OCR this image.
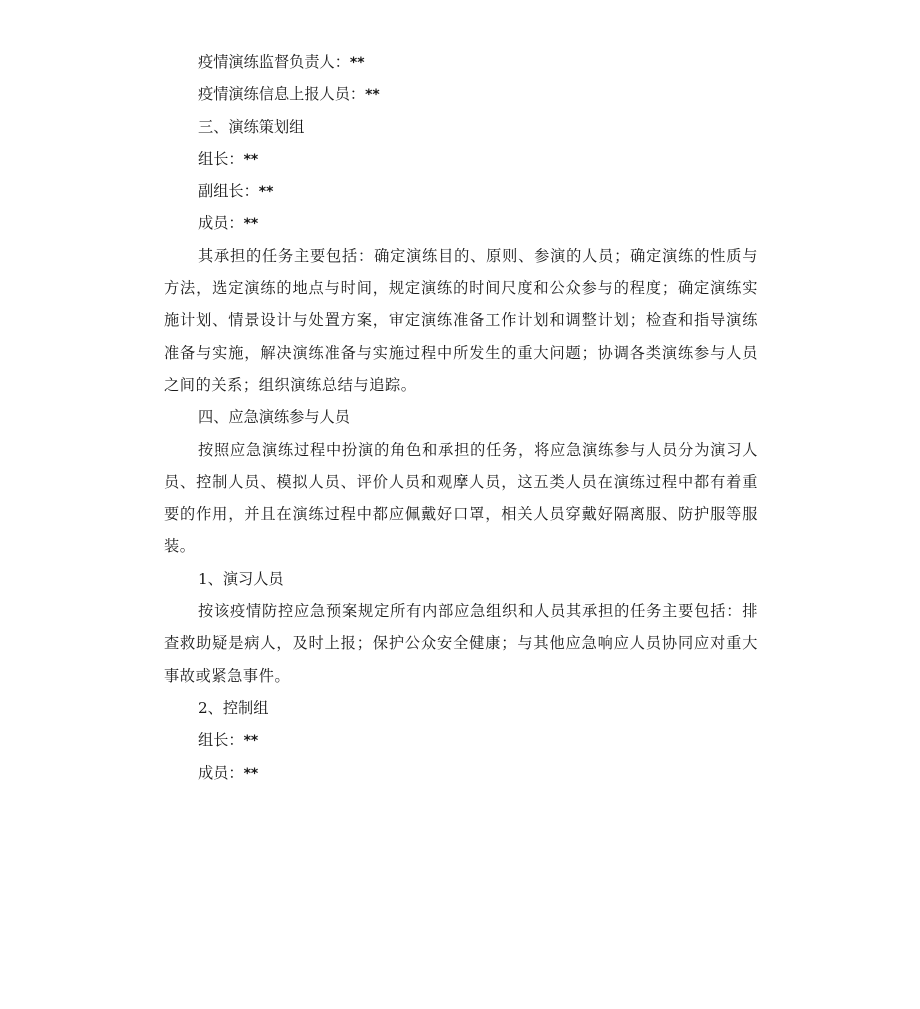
疫情演练监督负责人：**
疫情演练信息上报人员：**
三、演练策划组
组长：**
副组长：**
成员：**

其承担的任务主要包括：确定演练目的、原则、参演的人员；确定演练的性质与方法，选定演练的地点与时间，规定演练的时间尺度和公众参与的程度；确定演练实施计划、情景设计与处置方案，审定演练准备工作计划和调整计划；检查和指导演练准备与实施，解决演练准备与实施过程中所发生的重大问题；协调各类演练参与人员之间的关系；组织演练总结与追踪。

四、应急演练参与人员

按照应急演练过程中扮演的角色和承担的任务，将应急演练参与人员分为演习人员、控制人员、模拟人员、评价人员和观摩人员，这五类人员在演练过程中都有着重要的作用，并且在演练过程中都应佩戴好口罩，相关人员穿戴好隔离服、防护服等服装。

1、演习人员

按该疫情防控应急预案规定所有内部应急组织和人员其承担的任务主要包括：排查救助疑是病人，及时上报；保护公众安全健康；与其他应急响应人员协同应对重大事故或紧急事件。

2、控制组
组长：**
成员：**
